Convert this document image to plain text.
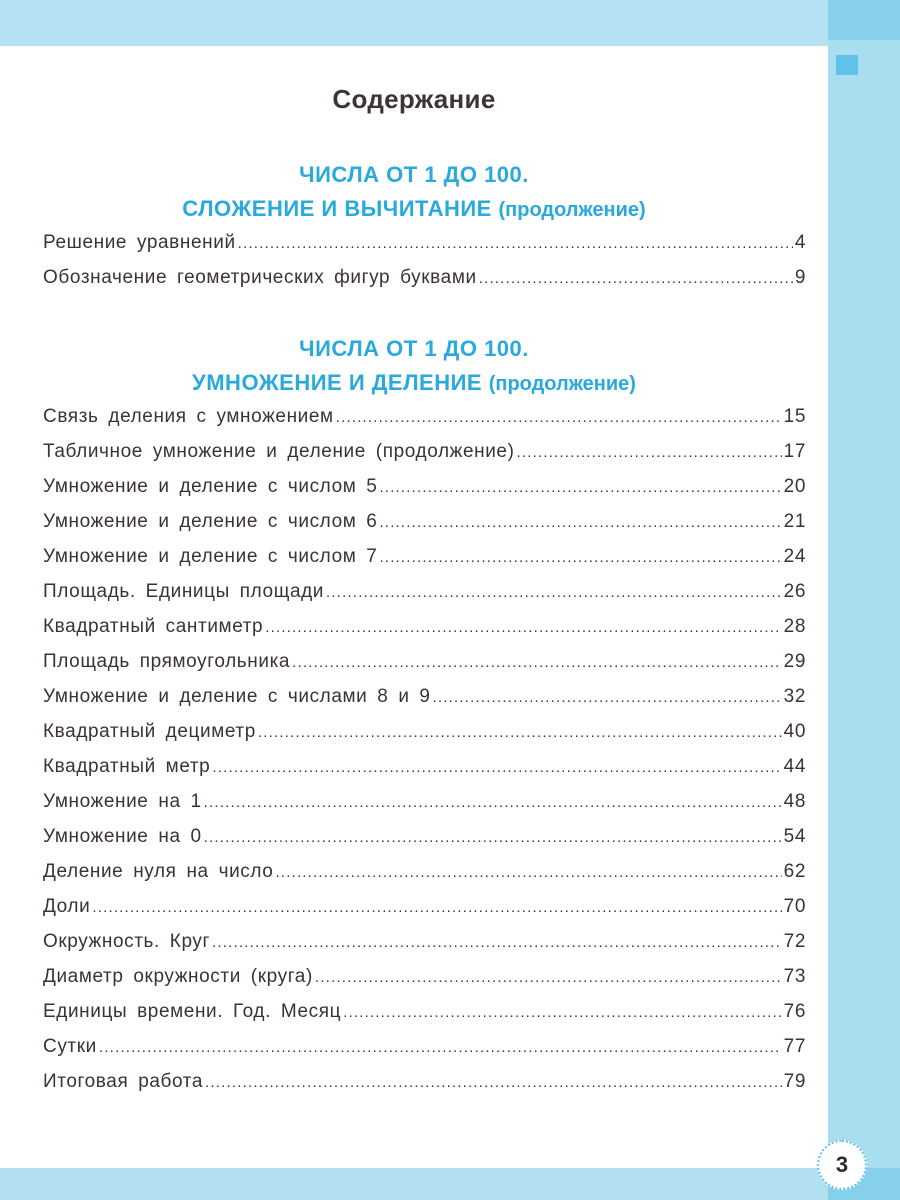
Содержание
ЧИСЛА ОТ 1 ДО 100.
СЛОЖЕНИЕ И ВЫЧИТАНИЕ (продолжение)
Решение уравнений .....	4
Обозначение геометрических фигур буквами .....	9
ЧИСЛА ОТ 1 ДО 100.
УМНОЖЕНИЕ И ДЕЛЕНИЕ (продолжение)
Связь деления с умножением .....	15
Табличное умножение и деление (продолжение) .....	17
Умножение и деление с числом 5 .....	20
Умножение и деление с числом 6 .....	21
Умножение и деление с числом 7 .....	24
Площадь. Единицы площади .....	26
Квадратный сантиметр .....	28
Площадь прямоугольника .....	29
Умножение и деление с числами 8 и 9 .....	32
Квадратный дециметр .....	40
Квадратный метр .....	44
Умножение на 1 .....	48
Умножение на 0 .....	54
Деление нуля на число .....	62
Доли .....	70
Окружность. Круг .....	72
Диаметр окружности (круга) .....	73
Единицы времени. Год. Месяц .....	76
Сутки .....	77
Итоговая работа .....	79
3
